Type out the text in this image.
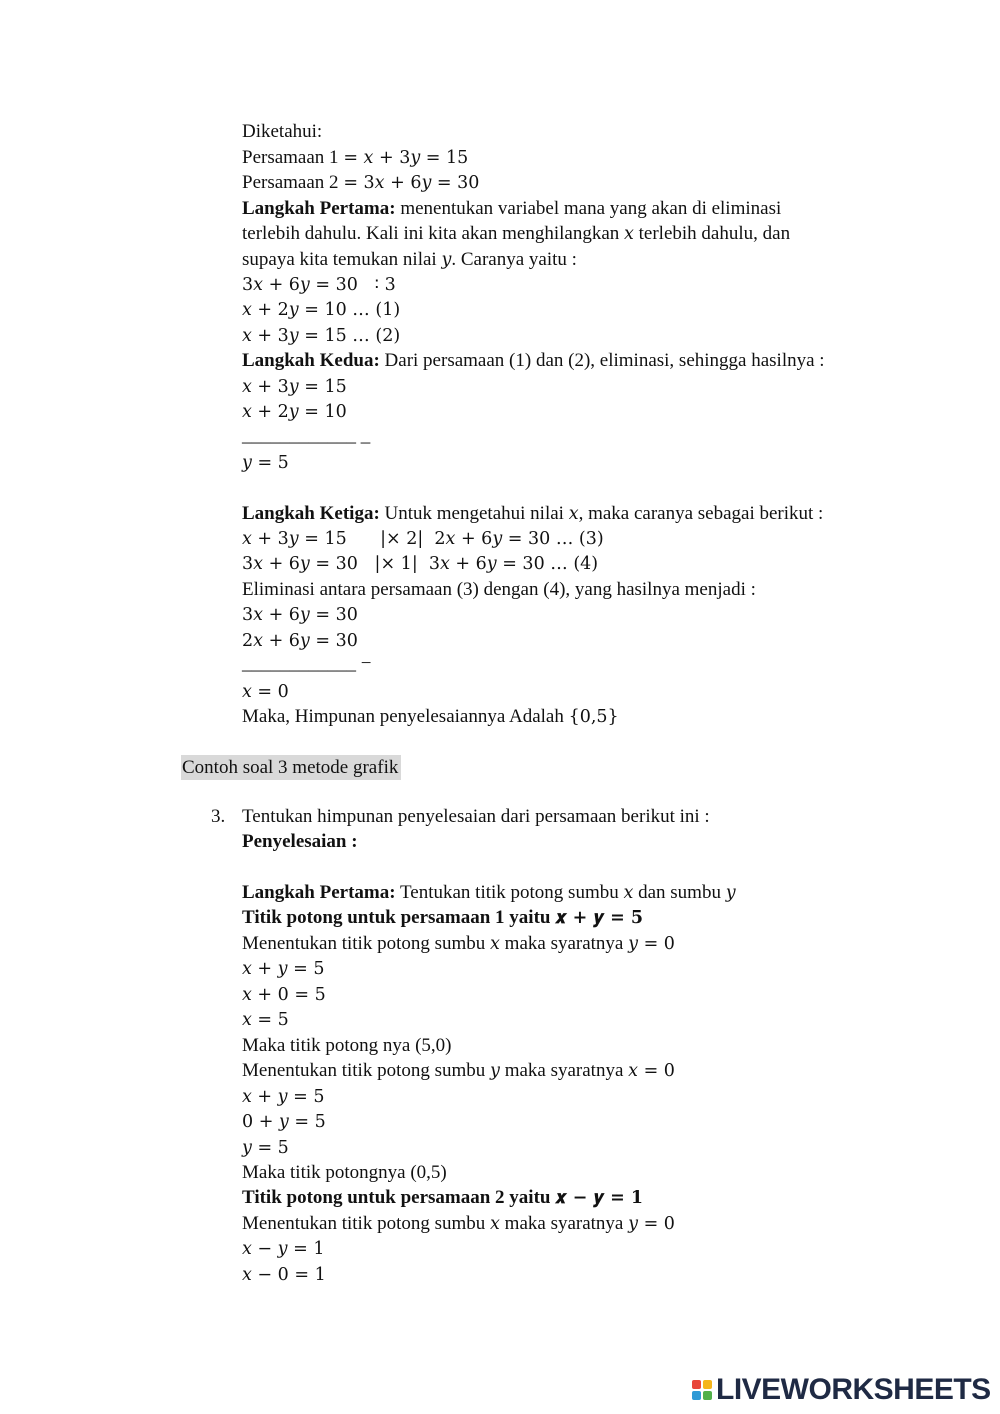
Diketahui:

Persamaan 1 = 𝑥 + 3𝑦 = 15

Persamaan 2 = 3𝑥 + 6𝑦 = 30

Langkah Pertama: menentukan variabel mana yang akan di eliminasi

terlebih dahulu. Kali ini kita akan menghilangkan 𝑥 terlebih dahulu, dan

supaya kita temukan nilai 𝑦. Caranya yaitu :

3𝑥 + 6𝑦 = 30   ∶ 3

𝑥 + 2𝑦 = 10 … (1)

𝑥 + 3𝑦 = 15 … (2)

Langkah Kedua: Dari persamaan (1) dan (2), eliminasi, sehingga hasilnya :

𝑥 + 3𝑦 = 15

𝑥 + 2𝑦 = 10

____________ _

𝑦 = 5

Langkah Ketiga: Untuk mengetahui nilai 𝑥, maka caranya sebagai berikut :

𝑥 + 3𝑦 = 15      |× 2|  2𝑥 + 6𝑦 = 30 … (3)

3𝑥 + 6𝑦 = 30   |× 1|  3𝑥 + 6𝑦 = 30 … (4)

Eliminasi antara persamaan (3) dengan (4), yang hasilnya menjadi :

3𝑥 + 6𝑦 = 30

2𝑥 + 6𝑦 = 30

____________ −

𝑥 = 0

Maka, Himpunan penyelesaiannya Adalah {0,5}

Contoh soal 3 metode grafik
3. Tentukan himpunan penyelesaian dari persamaan berikut ini :

Penyelesaian :

Langkah Pertama: Tentukan titik potong sumbu 𝑥 dan sumbu 𝑦

Titik potong untuk persamaan 1 yaitu 𝒙 + 𝒚 = 𝟓

Menentukan titik potong sumbu 𝑥 maka syaratnya 𝑦 = 0

𝑥 + 𝑦 = 5

𝑥 + 0 = 5

𝑥 = 5

Maka titik potong nya (5,0)

Menentukan titik potong sumbu 𝑦 maka syaratnya 𝑥 = 0

𝑥 + 𝑦 = 5

0 + 𝑦 = 5

𝑦 = 5

Maka titik potongnya (0,5)

Titik potong untuk persamaan 2 yaitu 𝒙 − 𝒚 = 𝟏

Menentukan titik potong sumbu 𝑥 maka syaratnya 𝑦 = 0

𝑥 − 𝑦 = 1

𝑥 − 0 = 1

LIVEWORKSHEETS
